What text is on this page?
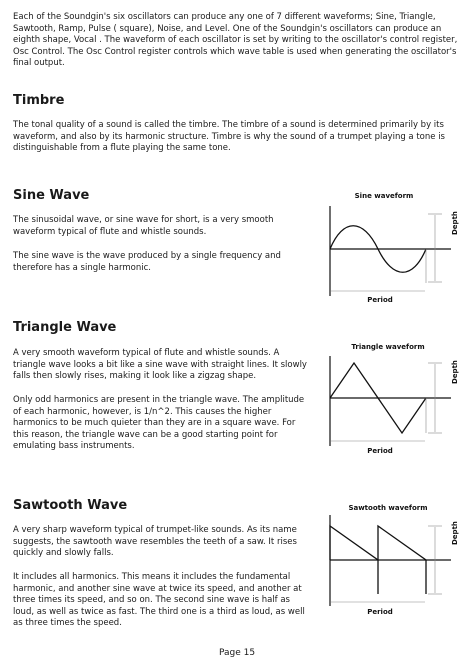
Each of the Soundgin's six oscillators can produce any one of 7 different waveforms; Sine, Triangle, Sawtooth, Ramp, Pulse ( square), Noise, and Level. One of the Soundgin's oscillators can produce an eighth shape, Vocal . The waveform of each oscillator is set by writing to the oscillator's control register, Osc Control. The Osc Control register controls which wave table is used when generating the oscillator's final output.

Timbre

The tonal quality of a sound is called the timbre. The timbre of a sound is determined primarily by its waveform, and also by its harmonic structure. Timbre is why the sound of a trumpet playing a tone is distinguishable from a flute playing the same tone.

Sine Wave

The sinusoidal wave, or sine wave for short, is a very smooth waveform typical of flute and whistle sounds.

The sine wave is the wave produced by a single frequency and therefore has a single harmonic.

Sine waveform
Depth
Period
Triangle Wave

A very smooth waveform typical of flute and whistle sounds. A triangle wave looks a bit like a sine wave with straight lines. It slowly falls then slowly rises, making it look like a zigzag shape.

Only odd harmonics are present in the triangle wave. The amplitude of each harmonic, however, is 1/n^2. This causes the higher harmonics to be much quieter than they are in a square wave. For this reason, the triangle wave can be a good starting point for emulating bass instruments.

Triangle waveform
Depth
Period
Sawtooth Wave

A very sharp waveform typical of trumpet-like sounds. As its name suggests, the sawtooth wave resembles the teeth of a saw. It rises quickly and slowly falls.

It includes all harmonics. This means it includes the fundamental harmonic, and another sine wave at twice its speed, and another at three times its speed, and so on. The second sine wave is half as loud, as well as twice as fast. The third one is a third as loud, as well as three times the speed.

Sawtooth waveform
Depth
Period
Page 15
